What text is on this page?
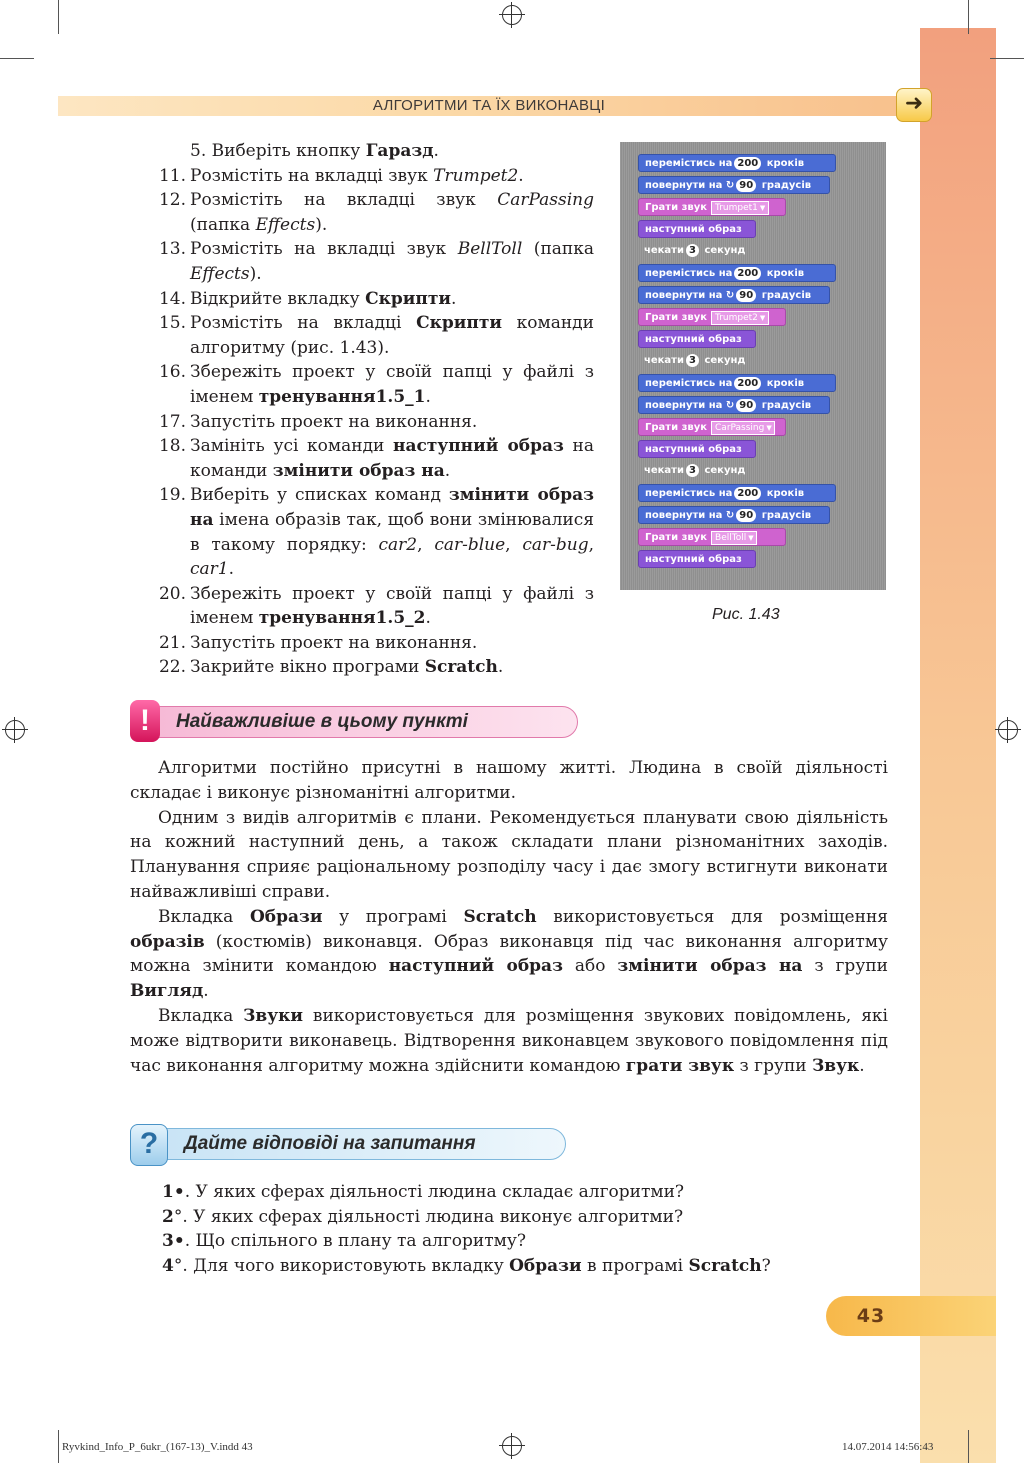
АЛГОРИТМИ ТА ЇХ ВИКОНАВЦІ	➜
5. Виберіть кнопку Гаразд.
11. Розмістіть на вкладці звук Trumpet2.
12. Розмістіть на вкладці звук CarPassing (папка Effects).
13. Розмістіть на вкладці звук BellToll (папка Effects).
14. Відкрийте вкладку Скрипти.
15. Розмістіть на вкладці Скрипти команди алгоритму (рис. 1.43).
16. Збережіть проект у своїй папці у файлі з іменем тренування1.5_1.
17. Запустіть проект на виконання.
18. Замініть усі команди наступний образ на команди змінити образ на.
19. Виберіть у списках команд змінити образ на імена образів так, щоб вони змінювалися в такому порядку: car2, car-blue, car-bug, car1.
20. Збережіть проект у своїй папці у файлі з іменем тренування1.5_2.
21. Запустіть проект на виконання.
22. Закрийте вікно програми Scratch.
перемістись на 200 кроків
повернути на ↻ 90 градусів
Грати звук Trumpet1 ▼
наступний образ
чекати 3 секунд
перемістись на 200 кроків
повернути на ↻ 90 градусів
Грати звук Trumpet2 ▼
наступний образ
чекати 3 секунд
перемістись на 200 кроків
повернути на ↻ 90 градусів
Грати звук CarPassing ▼
наступний образ
чекати 3 секунд
перемістись на 200 кроків
повернути на ↻ 90 градусів
Грати звук BellToll ▼
наступний образ
Рис. 1.43
!	Найважливіше в цьому пункті

Алгоритми постійно присутні в нашому житті. Людина в своїй діяльності складає і виконує різноманітні алгоритми.

Одним з видів алгоритмів є плани. Рекомендується планувати свою діяльність на кожний наступний день, а також складати плани різноманітних заходів. Планування сприяє раціональному розподілу часу і дає змогу встигнути виконати найважливіші справи.

Вкладка Образи у програмі Scratch використовується для розміщення образів (костюмів) виконавця. Образ виконавця під час виконання алгоритму можна змінити командою наступний образ або змінити образ на з групи Вигляд.

Вкладка Звуки використовується для розміщення звукових повідомлень, які може відтворити виконавець. Відтворення виконавцем звукового повідомлення під час виконання алгоритму можна здійснити командою грати звук з групи Звук.

?	Дайте відповіді на запитання
1•. У яких сферах діяльності людина складає алгоритми?
2°. У яких сферах діяльності людина виконує алгоритми?
3•. Що спільного в плану та алгоритму?
4°. Для чого використовують вкладку Образи в програмі Scratch?
43
Ryvkind_Info_P_6ukr_(167-13)_V.indd 43	14.07.2014 14:56:43
